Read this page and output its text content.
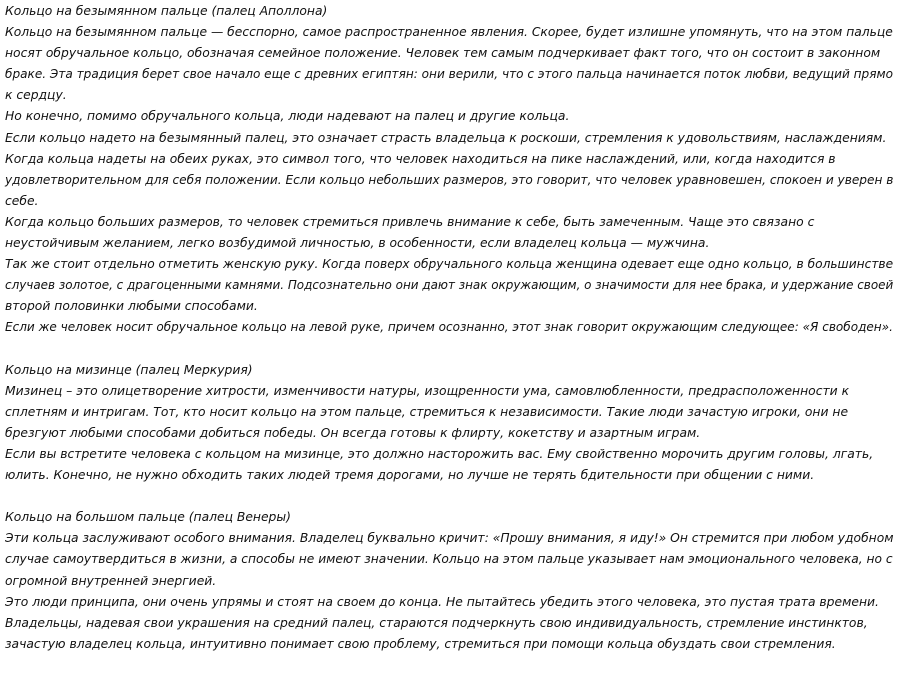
Кольцо на безымянном пальце (палец Аполлона)
Кольцо на безымянном пальце — бесспорно, самое распространенное явления. Скорее, будет излишне упомянуть, что на этом пальце
носят обручальное кольцо, обозначая семейное положение. Человек тем самым подчеркивает факт того, что он состоит в законном
браке. Эта традиция берет свое начало еще с древних египтян: они верили, что с этого пальца начинается поток любви, ведущий прямо
к сердцу.
Но конечно, помимо обручального кольца, люди надевают на палец и другие кольца.
Если кольцо надето на безымянный палец, это означает страсть владельца к роскоши, стремления к удовольствиям, наслаждениям.
Когда кольца надеты на обеих руках, это символ того, что человек находиться на пике наслаждений, или, когда находится в
удовлетворительном для себя положении. Если кольцо небольших размеров, это говорит, что человек уравновешен, спокоен и уверен в
себе.
Когда кольцо больших размеров, то человек стремиться привлечь внимание к себе, быть замеченным. Чаще это связано с
неустойчивым желанием, легко возбудимой личностью, в особенности, если владелец кольца — мужчина.
Так же стоит отдельно отметить женскую руку. Когда поверх обручального кольца женщина одевает еще одно кольцо, в большинстве
случаев золотое, с драгоценными камнями. Подсознательно они дают знак окружающим, о значимости для нее брака, и удержание своей
второй половинки любыми способами.
Если же человек носит обручальное кольцо на левой руке, причем осознанно, этот знак говорит окружающим следующее: «Я свободен».
Кольцо на мизинце (палец Меркурия)
Мизинец – это олицетворение хитрости, изменчивости натуры, изощренности ума, самовлюбленности, предрасположенности к
сплетням и интригам. Тот, кто носит кольцо на этом пальце, стремиться к независимости. Такие люди зачастую игроки, они не
брезгуют любыми способами добиться победы. Он всегда готовы к флирту, кокетству и азартным играм.
Если вы встретите человека с кольцом на мизинце, это должно насторожить вас. Ему свойственно морочить другим головы, лгать,
юлить. Конечно, не нужно обходить таких людей тремя дорогами, но лучше не терять бдительности при общении с ними.
Кольцо на большом пальце (палец Венеры)
Эти кольца заслуживают особого внимания. Владелец буквально кричит: «Прошу внимания, я иду!» Он стремится при любом удобном
случае самоутвердиться в жизни, а способы не имеют значении. Кольцо на этом пальце указывает нам эмоционального человека, но с
огромной внутренней энергией.
Это люди принципа, они очень упрямы и стоят на своем до конца. Не пытайтесь убедить этого человека, это пустая трата времени.
Владельцы, надевая свои украшения на средний палец, стараются подчеркнуть свою индивидуальность, стремление инстинктов,
зачастую владелец кольца, интуитивно понимает свою проблему, стремиться при помощи кольца обуздать свои стремления.
